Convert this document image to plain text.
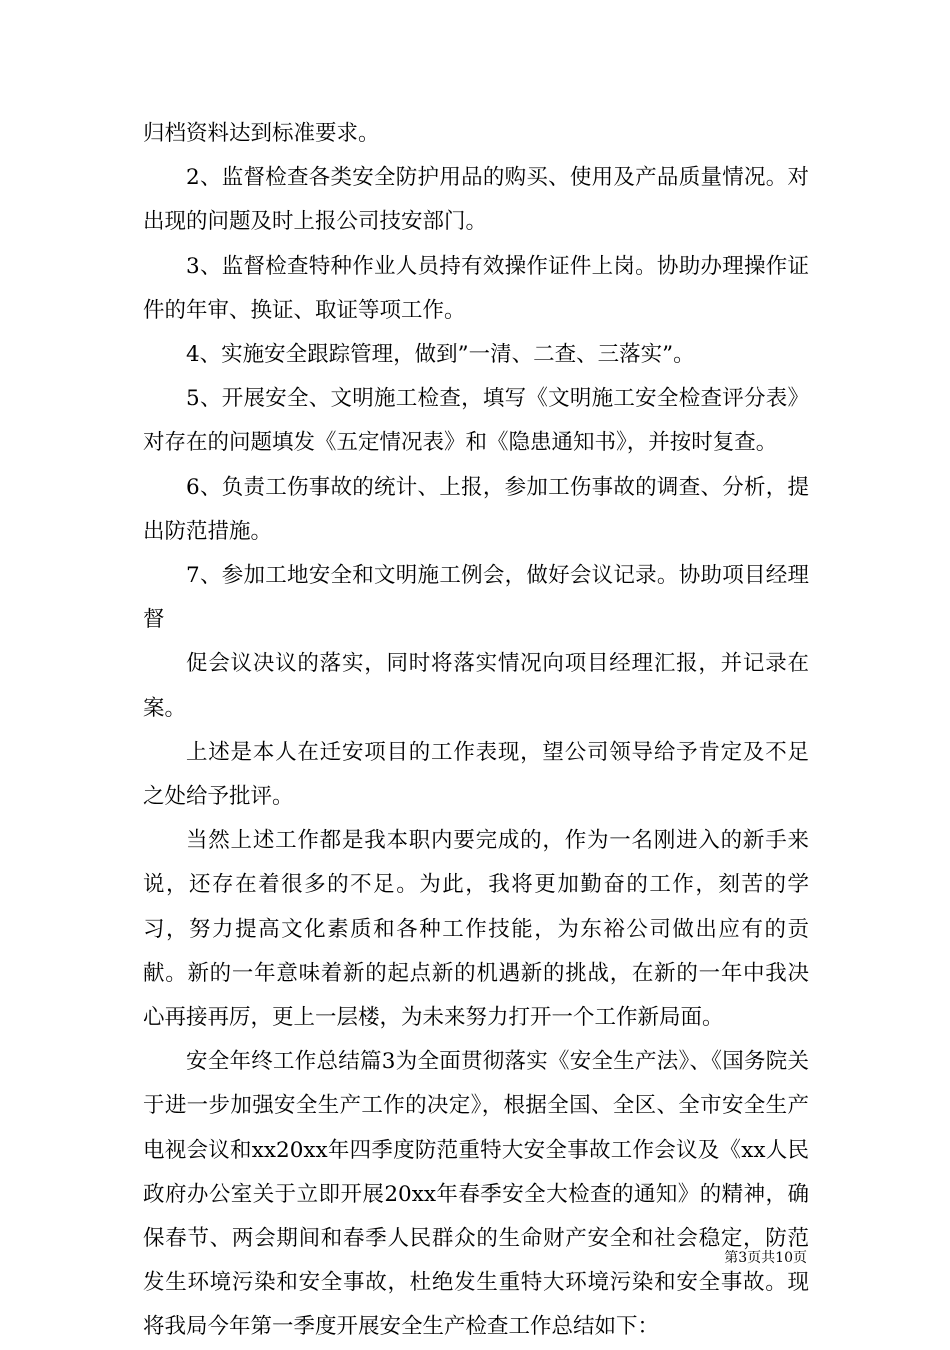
归档资料达到标准要求。

2、监督检查各类安全防护用品的购买、使用及产品质量情况。对出现的问题及时上报公司技安部门。

3、监督检查特种作业人员持有效操作证件上岗。协助办理操作证件的年审、换证、取证等项工作。

4、实施安全跟踪管理，做到”一清、二查、三落实”。

5、开展安全、文明施工检查，填写《文明施工安全检查评分表》对存在的问题填发《五定情况表》和《隐患通知书》，并按时复查。

6、负责工伤事故的统计、上报，参加工伤事故的调查、分析，提出防范措施。

7、参加工地安全和文明施工例会，做好会议记录。协助项目经理督

促会议决议的落实，同时将落实情况向项目经理汇报，并记录在案。

上述是本人在迁安项目的工作表现，望公司领导给予肯定及不足之处给予批评。

当然上述工作都是我本职内要完成的，作为一名刚进入的新手来说，还存在着很多的不足。为此，我将更加勤奋的工作，刻苦的学习，努力提高文化素质和各种工作技能，为东裕公司做出应有的贡献。新的一年意味着新的起点新的机遇新的挑战，在新的一年中我决心再接再厉，更上一层楼，为未来努力打开一个工作新局面。

安全年终工作总结篇3为全面贯彻落实《安全生产法》、《国务院关于进一步加强安全生产工作的决定》，根据全国、全区、全市安全生产电视会议和xx20xx年四季度防范重特大安全事故工作会议及《xx人民政府办公室关于立即开展20xx年春季安全大检查的通知》的精神，确保春节、两会期间和春季人民群众的生命财产安全和社会稳定，防范发生环境污染和安全事故，杜绝发生重特大环境污染和安全事故。现将我局今年第一季度开展安全生产检查工作总结如下：

第3页共10页
